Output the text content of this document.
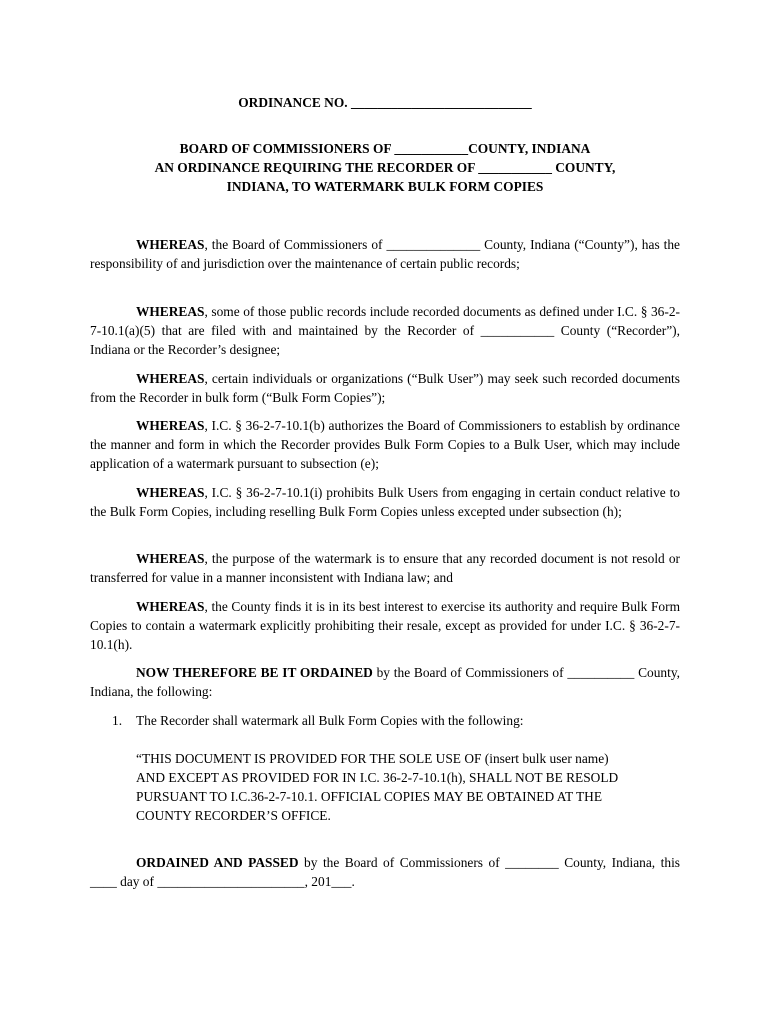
ORDINANCE NO. ___________________________
BOARD OF COMMISSIONERS OF ___________COUNTY, INDIANA
AN ORDINANCE REQUIRING THE RECORDER OF ___________ COUNTY,
INDIANA, TO WATERMARK BULK FORM COPIES

WHEREAS, the Board of Commissioners of ______________ County, Indiana (“County”), has the responsibility of and jurisdiction over the maintenance of certain public records;

WHEREAS, some of those public records include recorded documents as defined under I.C. § 36-2-7-10.1(a)(5) that are filed with and maintained by the Recorder of ___________ County (“Recorder”), Indiana or the Recorder’s designee;

WHEREAS, certain individuals or organizations (“Bulk User”) may seek such recorded documents from the Recorder in bulk form (“Bulk Form Copies”);

WHEREAS, I.C. § 36-2-7-10.1(b) authorizes the Board of Commissioners to establish by ordinance the manner and form in which the Recorder provides Bulk Form Copies to a Bulk User, which may include application of a watermark pursuant to subsection (e);

WHEREAS, I.C. § 36-2-7-10.1(i) prohibits Bulk Users from engaging in certain conduct relative to the Bulk Form Copies, including reselling Bulk Form Copies unless excepted under subsection (h);

WHEREAS, the purpose of the watermark is to ensure that any recorded document is not resold or transferred for value in a manner inconsistent with Indiana law; and

WHEREAS, the County finds it is in its best interest to exercise its authority and require Bulk Form Copies to contain a watermark explicitly prohibiting their resale, except as provided for under I.C. § 36-2-7-10.1(h).

NOW THEREFORE BE IT ORDAINED by the Board of Commissioners of __________ County, Indiana, the following:

1. The Recorder shall watermark all Bulk Form Copies with the following:

“THIS DOCUMENT IS PROVIDED FOR THE SOLE USE OF (insert bulk user name)
AND EXCEPT AS PROVIDED FOR IN I.C. 36-2-7-10.1(h), SHALL NOT BE RESOLD
PURSUANT TO I.C.36-2-7-10.1. OFFICIAL COPIES MAY BE OBTAINED AT THE
COUNTY RECORDER’S OFFICE.

ORDAINED AND PASSED by the Board of Commissioners of ________ County, Indiana, this ____ day of ______________________, 201___.
